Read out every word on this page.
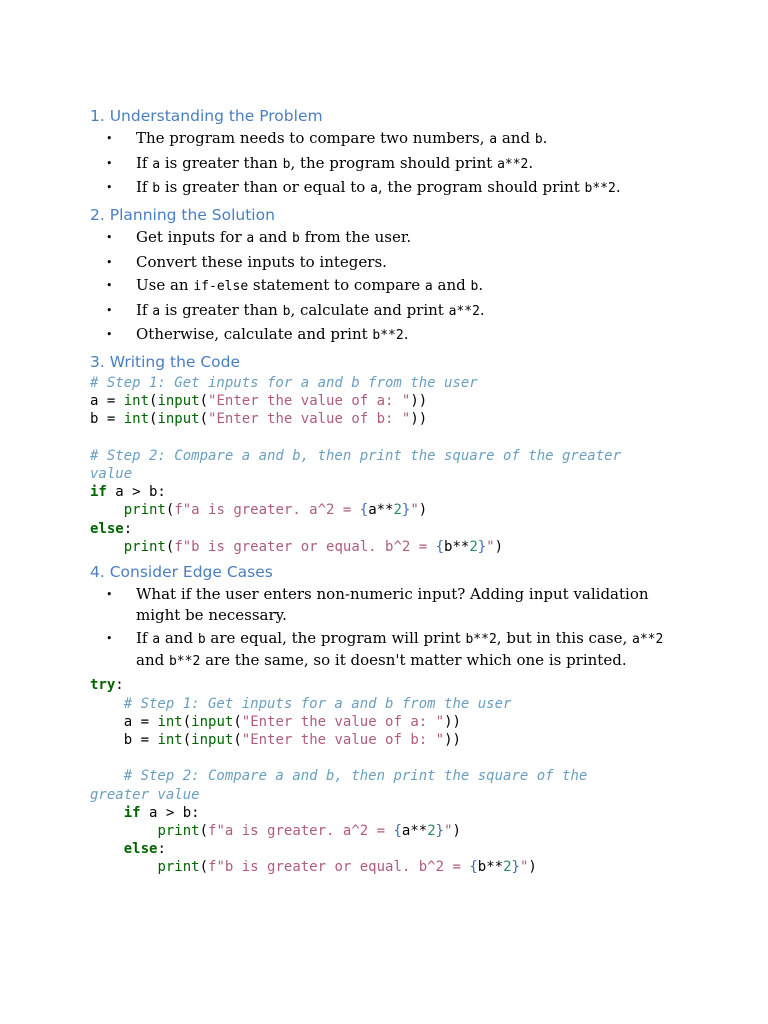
1. Understanding the Problem
• The program needs to compare two numbers, a and b.
• If a is greater than b, the program should print a**2.
• If b is greater than or equal to a, the program should print b**2.
2. Planning the Solution
• Get inputs for a and b from the user.
• Convert these inputs to integers.
• Use an if-else statement to compare a and b.
• If a is greater than b, calculate and print a**2.
• Otherwise, calculate and print b**2.
3. Writing the Code
# Step 1: Get inputs for a and b from the user
a = int(input("Enter the value of a: "))
b = int(input("Enter the value of b: "))
# Step 2: Compare a and b, then print the square of the greater
value
if a > b:
print(f"a is greater. a^2 = {a**2}")
else:
print(f"b is greater or equal. b^2 = {b**2}")
4. Consider Edge Cases
• What if the user enters non-numeric input? Adding input validation might be necessary.
• If a and b are equal, the program will print b**2, but in this case, a**2 and b**2 are the same, so it doesn't matter which one is printed.
try:
# Step 1: Get inputs for a and b from the user
a = int(input("Enter the value of a: "))
b = int(input("Enter the value of b: "))
# Step 2: Compare a and b, then print the square of the
greater value
if a > b:
print(f"a is greater. a^2 = {a**2}")
else:
print(f"b is greater or equal. b^2 = {b**2}")
